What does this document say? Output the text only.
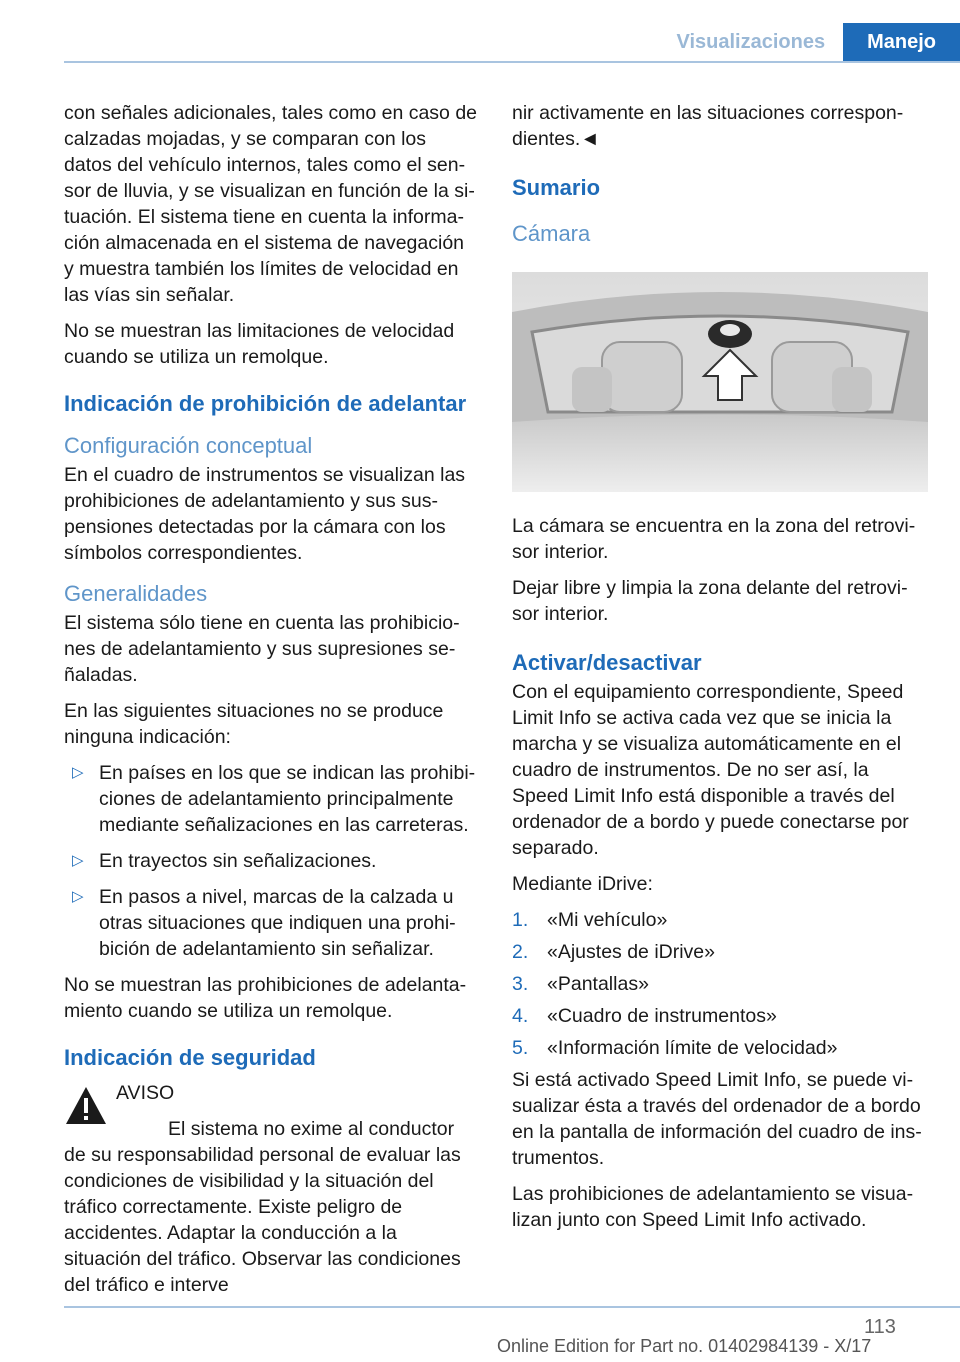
Visualizaciones	Manejo

con señales adicionales, tales como en caso de calzadas mojadas, y se comparan con los datos del vehículo internos, tales como el sensor de lluvia, y se visualizan en función de la situación. El sistema tiene en cuenta la información almacenada en el sistema de navegación y muestra también los límites de velocidad en las vías sin señalar.

No se muestran las limitaciones de velocidad cuando se utiliza un remolque.

Indicación de prohibición de adelantar
Configuración conceptual

En el cuadro de instrumentos se visualizan las prohibiciones de adelantamiento y sus suspensiones detectadas por la cámara con los símbolos correspondientes.

Generalidades

El sistema sólo tiene en cuenta las prohibiciones de adelantamiento y sus supresiones señaladas.

En las siguientes situaciones no se produce ninguna indicación:

▷ En países en los que se indican las prohibiciones de adelantamiento principalmente mediante señalizaciones en las carreteras.
▷ En trayectos sin señalizaciones.
▷ En pasos a nivel, marcas de la calzada u otras situaciones que indiquen una prohibición de adelantamiento sin señalizar.

No se muestran las prohibiciones de adelantamiento cuando se utiliza un remolque.

Indicación de seguridad

AVISO

El sistema no exime al conductor de su responsabilidad personal de evaluar las condiciones de visibilidad y la situación del tráfico correctamente. Existe peligro de accidentes. Adaptar la conducción a la situación del tráfico. Observar las condiciones del tráfico e interve

nir activamente en las situaciones correspondientes.◄

Sumario
Cámara

La cámara se encuentra en la zona del retrovisor interior.

Dejar libre y limpia la zona delante del retrovisor interior.

Activar/desactivar

Con el equipamiento correspondiente, Speed Limit Info se activa cada vez que se inicia la marcha y se visualiza automáticamente en el cuadro de instrumentos. De no ser así, la Speed Limit Info está disponible a través del ordenador de a bordo y puede conectarse por separado.

Mediante iDrive:

1. «Mi vehículo»
2. «Ajustes de iDrive»
3. «Pantallas»
4. «Cuadro de instrumentos»
5. «Información límite de velocidad»

Si está activado Speed Limit Info, se puede visualizar ésta a través del ordenador de a bordo en la pantalla de información del cuadro de instrumentos.

Las prohibiciones de adelantamiento se visualizan junto con Speed Limit Info activado.

113
Online Edition for Part no. 01402984139 - X/17
